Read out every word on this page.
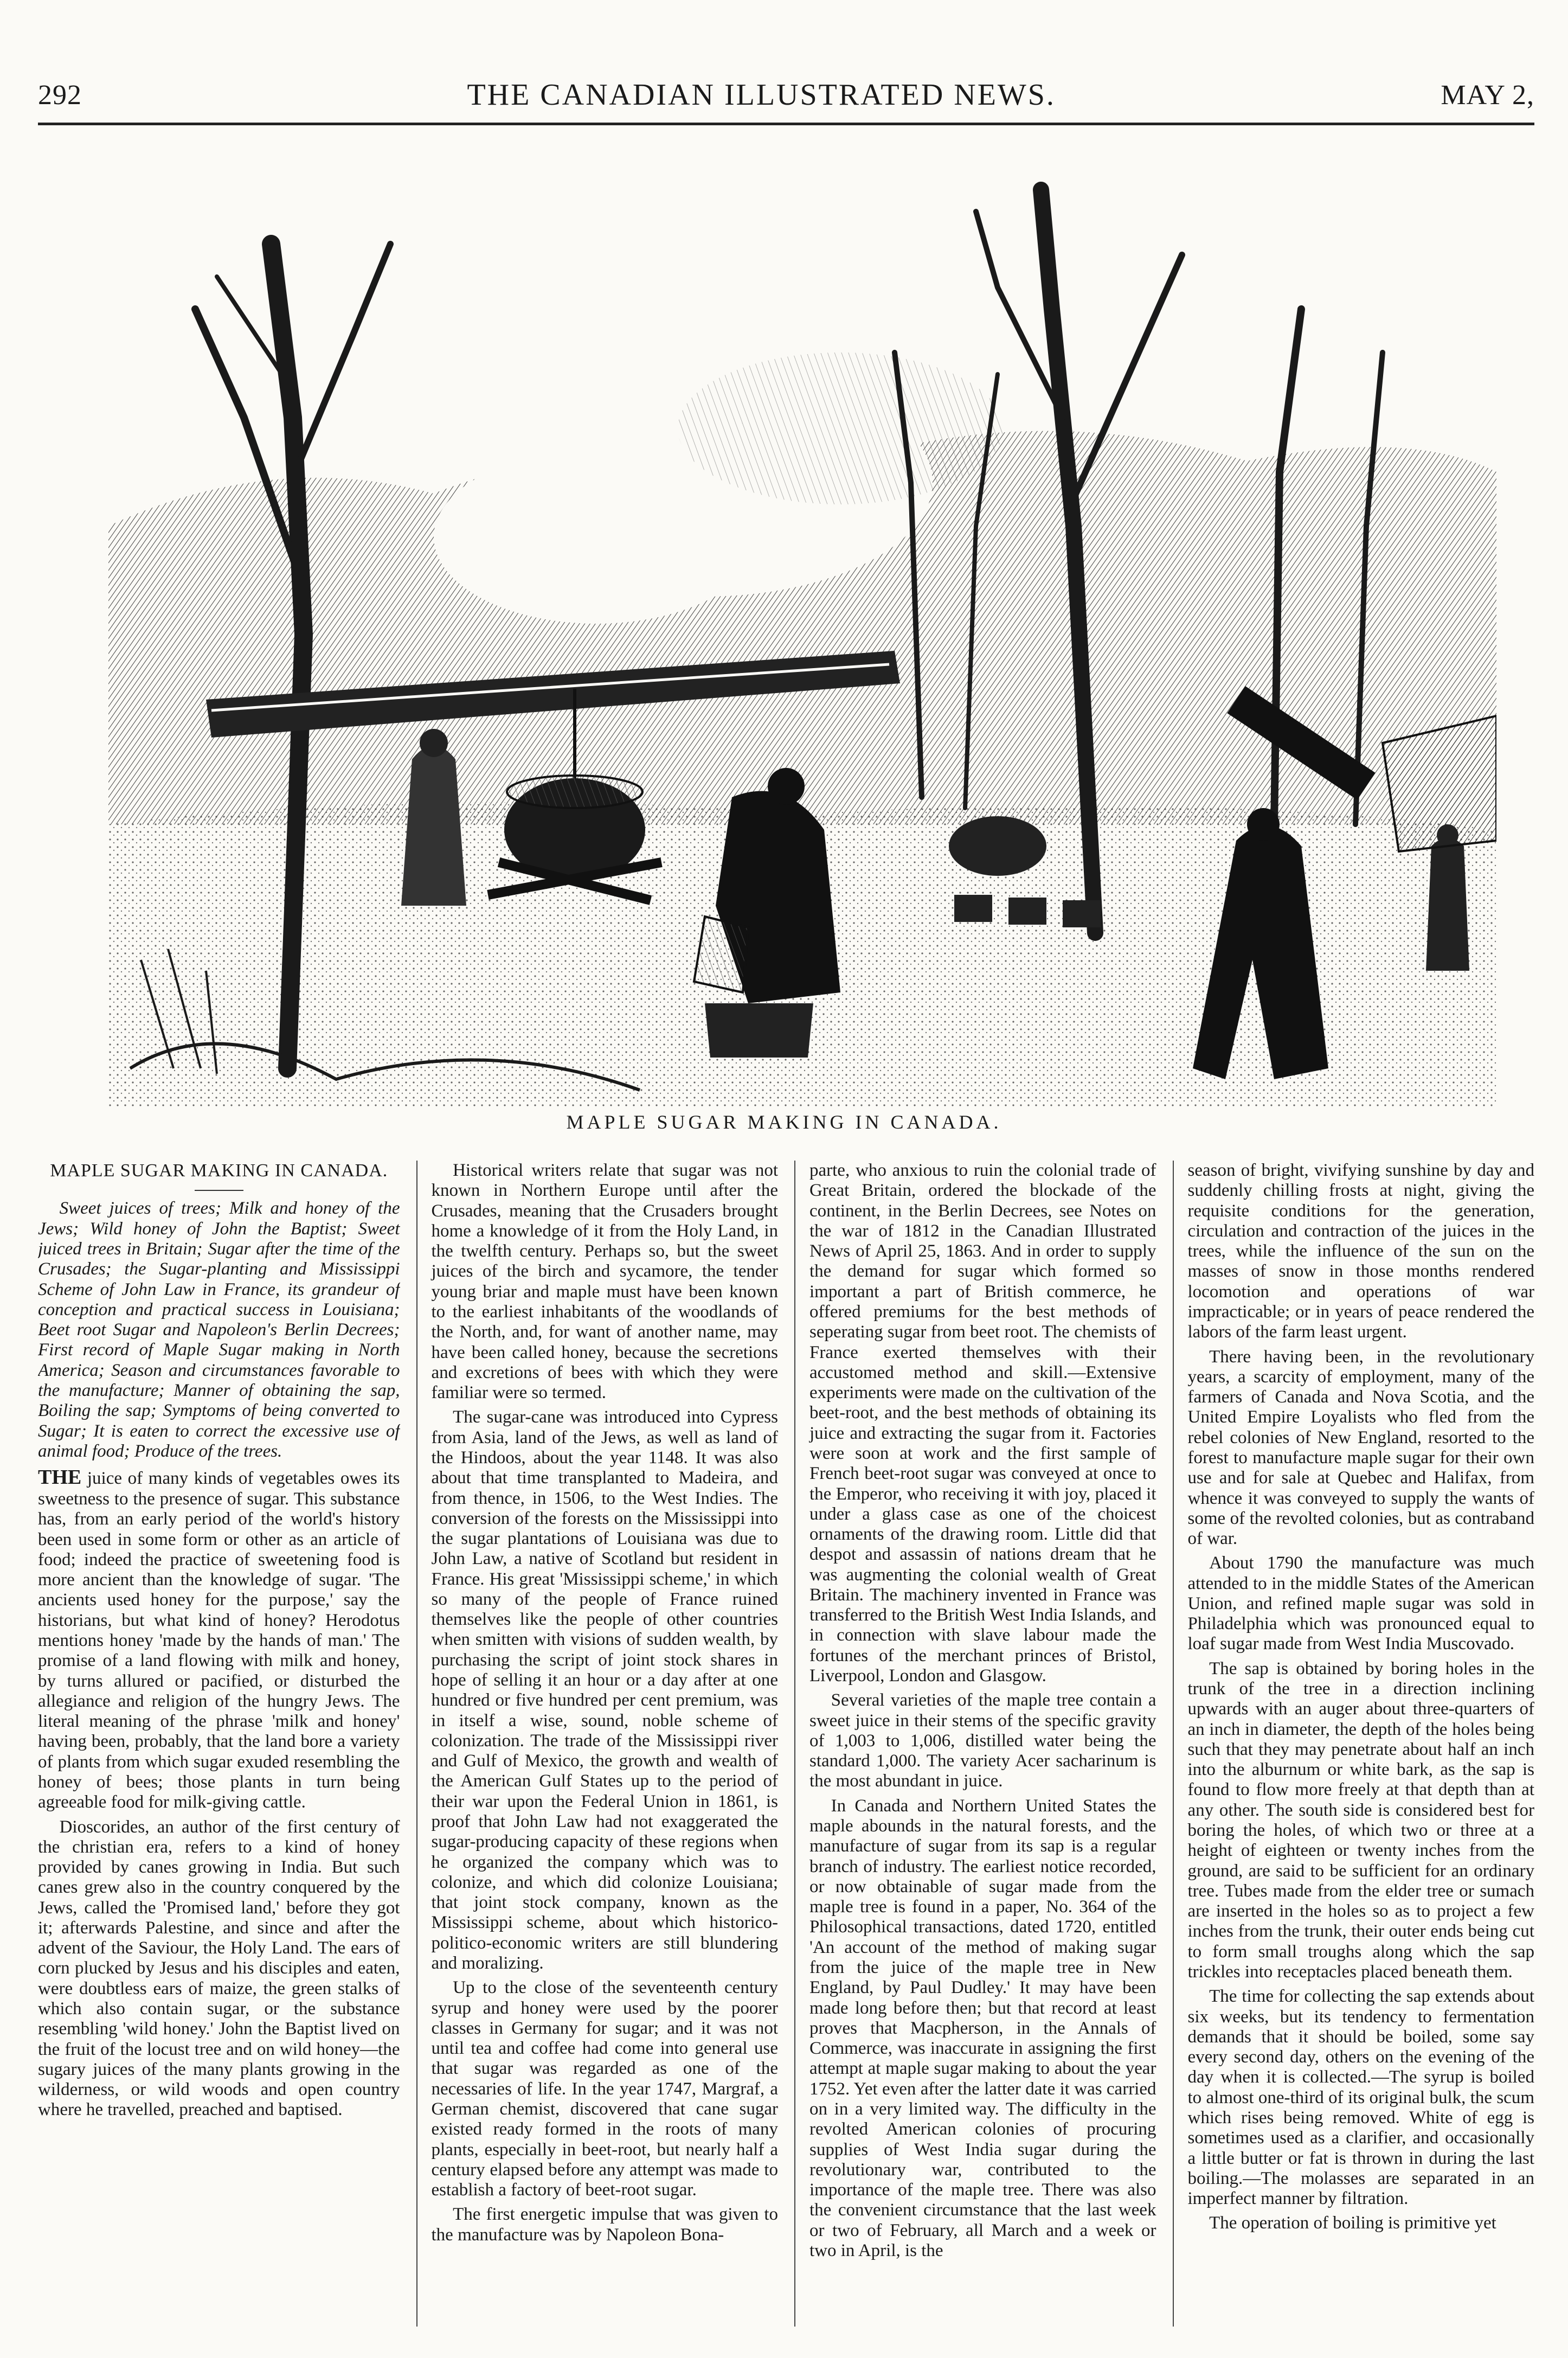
292	THE CANADIAN ILLUSTRATED NEWS.	MAY 2,
MAPLE SUGAR MAKING IN CANADA.
MAPLE SUGAR MAKING IN CANADA.

Sweet juices of trees; Milk and honey of the Jews; Wild honey of John the Baptist; Sweet juiced trees in Britain; Sugar after the time of the Crusades; the Sugar-planting and Mississippi Scheme of John Law in France, its grandeur of conception and practical success in Louisiana; Beet root Sugar and Napoleon's Berlin Decrees; First record of Maple Sugar making in North America; Season and circumstances favorable to the manufacture; Manner of obtaining the sap, Boiling the sap; Symptoms of being converted to Sugar; It is eaten to correct the excessive use of animal food; Produce of the trees.

THE juice of many kinds of vegetables owes its sweetness to the presence of sugar. This substance has, from an early period of the world's history been used in some form or other as an article of food; indeed the practice of sweetening food is more ancient than the knowledge of sugar. 'The ancients used honey for the purpose,' say the historians, but what kind of honey? Herodotus mentions honey 'made by the hands of man.' The promise of a land flowing with milk and honey, by turns allured or pacified, or disturbed the allegiance and religion of the hungry Jews. The literal meaning of the phrase 'milk and honey' having been, probably, that the land bore a variety of plants from which sugar exuded resembling the honey of bees; those plants in turn being agreeable food for milk-giving cattle.

Dioscorides, an author of the first century of the christian era, refers to a kind of honey provided by canes growing in India. But such canes grew also in the country conquered by the Jews, called the 'Promised land,' before they got it; afterwards Palestine, and since and after the advent of the Saviour, the Holy Land. The ears of corn plucked by Jesus and his disciples and eaten, were doubtless ears of maize, the green stalks of which also contain sugar, or the substance resembling 'wild honey.' John the Baptist lived on the fruit of the locust tree and on wild honey—the sugary juices of the many plants growing in the wilderness, or wild woods and open country where he travelled, preached and baptised.

Historical writers relate that sugar was not known in Northern Europe until after the Crusades, meaning that the Crusaders brought home a knowledge of it from the Holy Land, in the twelfth century. Perhaps so, but the sweet juices of the birch and sycamore, the tender young briar and maple must have been known to the earliest inhabitants of the woodlands of the North, and, for want of another name, may have been called honey, because the secretions and excretions of bees with which they were familiar were so termed.

The sugar-cane was introduced into Cypress from Asia, land of the Jews, as well as land of the Hindoos, about the year 1148. It was also about that time transplanted to Madeira, and from thence, in 1506, to the West Indies. The conversion of the forests on the Mississippi into the sugar plantations of Louisiana was due to John Law, a native of Scotland but resident in France. His great 'Mississippi scheme,' in which so many of the people of France ruined themselves like the people of other countries when smitten with visions of sudden wealth, by purchasing the script of joint stock shares in hope of selling it an hour or a day after at one hundred or five hundred per cent premium, was in itself a wise, sound, noble scheme of colonization. The trade of the Mississippi river and Gulf of Mexico, the growth and wealth of the American Gulf States up to the period of their war upon the Federal Union in 1861, is proof that John Law had not exaggerated the sugar-producing capacity of these regions when he organized the company which was to colonize, and which did colonize Louisiana; that joint stock company, known as the Mississippi scheme, about which historico-politico-economic writers are still blundering and moralizing.

Up to the close of the seventeenth century syrup and honey were used by the poorer classes in Germany for sugar; and it was not until tea and coffee had come into general use that sugar was regarded as one of the necessaries of life. In the year 1747, Margraf, a German chemist, discovered that cane sugar existed ready formed in the roots of many plants, especially in beet-root, but nearly half a century elapsed before any attempt was made to establish a factory of beet-root sugar.

The first energetic impulse that was given to the manufacture was by Napoleon Bona-

parte, who anxious to ruin the colonial trade of Great Britain, ordered the blockade of the continent, in the Berlin Decrees, see Notes on the war of 1812 in the Canadian Illustrated News of April 25, 1863. And in order to supply the demand for sugar which formed so important a part of British commerce, he offered premiums for the best methods of seperating sugar from beet root. The chemists of France exerted themselves with their accustomed method and skill.—Extensive experiments were made on the cultivation of the beet-root, and the best methods of obtaining its juice and extracting the sugar from it. Factories were soon at work and the first sample of French beet-root sugar was conveyed at once to the Emperor, who receiving it with joy, placed it under a glass case as one of the choicest ornaments of the drawing room. Little did that despot and assassin of nations dream that he was augmenting the colonial wealth of Great Britain. The machinery invented in France was transferred to the British West India Islands, and in connection with slave labour made the fortunes of the merchant princes of Bristol, Liverpool, London and Glasgow.

Several varieties of the maple tree contain a sweet juice in their stems of the specific gravity of 1,003 to 1,006, distilled water being the standard 1,000. The variety Acer sacharinum is the most abundant in juice.

In Canada and Northern United States the maple abounds in the natural forests, and the manufacture of sugar from its sap is a regular branch of industry. The earliest notice recorded, or now obtainable of sugar made from the maple tree is found in a paper, No. 364 of the Philosophical transactions, dated 1720, entitled 'An account of the method of making sugar from the juice of the maple tree in New England, by Paul Dudley.' It may have been made long before then; but that record at least proves that Macpherson, in the Annals of Commerce, was inaccurate in assigning the first attempt at maple sugar making to about the year 1752. Yet even after the latter date it was carried on in a very limited way. The difficulty in the revolted American colonies of procuring supplies of West India sugar during the revolutionary war, contributed to the importance of the maple tree. There was also the convenient circumstance that the last week or two of February, all March and a week or two in April, is the

season of bright, vivifying sunshine by day and suddenly chilling frosts at night, giving the requisite conditions for the generation, circulation and contraction of the juices in the trees, while the influence of the sun on the masses of snow in those months rendered locomotion and operations of war impracticable; or in years of peace rendered the labors of the farm least urgent.

There having been, in the revolutionary years, a scarcity of employment, many of the farmers of Canada and Nova Scotia, and the United Empire Loyalists who fled from the rebel colonies of New England, resorted to the forest to manufacture maple sugar for their own use and for sale at Quebec and Halifax, from whence it was conveyed to supply the wants of some of the revolted colonies, but as contraband of war.

About 1790 the manufacture was much attended to in the middle States of the American Union, and refined maple sugar was sold in Philadelphia which was pronounced equal to loaf sugar made from West India Muscovado.

The sap is obtained by boring holes in the trunk of the tree in a direction inclining upwards with an auger about three-quarters of an inch in diameter, the depth of the holes being such that they may penetrate about half an inch into the alburnum or white bark, as the sap is found to flow more freely at that depth than at any other. The south side is considered best for boring the holes, of which two or three at a height of eighteen or twenty inches from the ground, are said to be sufficient for an ordinary tree. Tubes made from the elder tree or sumach are inserted in the holes so as to project a few inches from the trunk, their outer ends being cut to form small troughs along which the sap trickles into receptacles placed beneath them.

The time for collecting the sap extends about six weeks, but its tendency to fermentation demands that it should be boiled, some say every second day, others on the evening of the day when it is collected.—The syrup is boiled to almost one-third of its original bulk, the scum which rises being removed. White of egg is sometimes used as a clarifier, and occasionally a little butter or fat is thrown in during the last boiling.—The molasses are separated in an imperfect manner by filtration.

The operation of boiling is primitive yet
